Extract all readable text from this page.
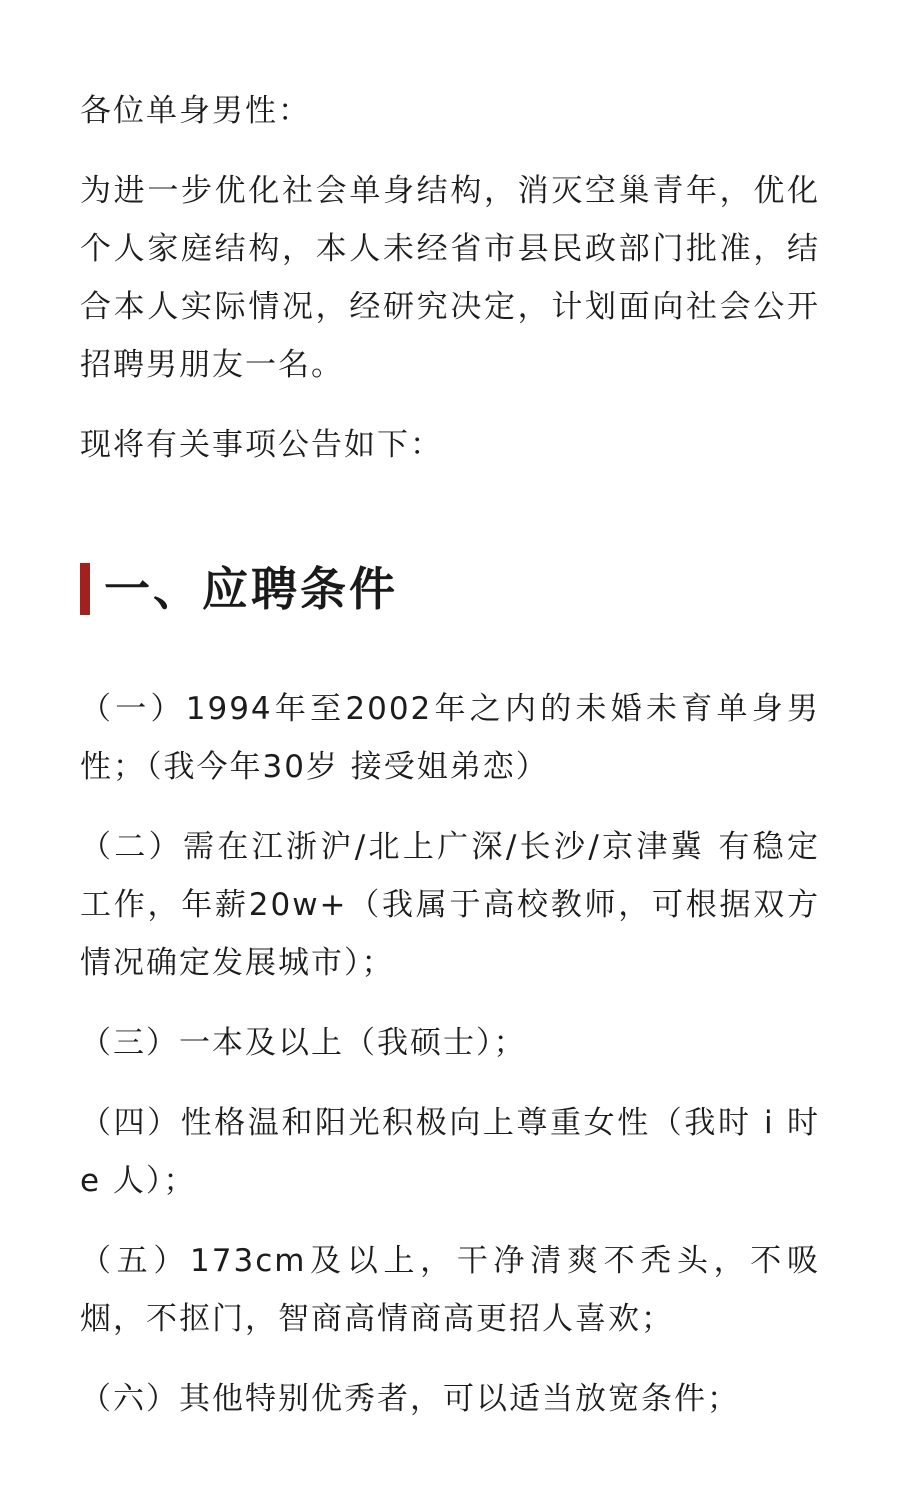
各位单身男性：

为进一步优化社会单身结构，消灭空巢青年，优化个人家庭结构，本人未经省市县民政部门批准，结合本人实际情况，经研究决定，计划面向社会公开招聘男朋友一名。

现将有关事项公告如下：

一、应聘条件

（一）1994年至2002年之内的未婚未育单身男性；（我今年30岁 接受姐弟恋）

（二）需在江浙沪/北上广深/长沙/京津冀 有稳定工作，年薪20w+（我属于高校教师，可根据双方情况确定发展城市）；

（三）一本及以上（我硕士）；

（四）性格温和阳光积极向上尊重女性（我时 i 时 e 人）；

（五）173cm及以上，干净清爽不秃头，不吸烟，不抠门，智商高情商高更招人喜欢；

（六）其他特别优秀者，可以适当放宽条件；
